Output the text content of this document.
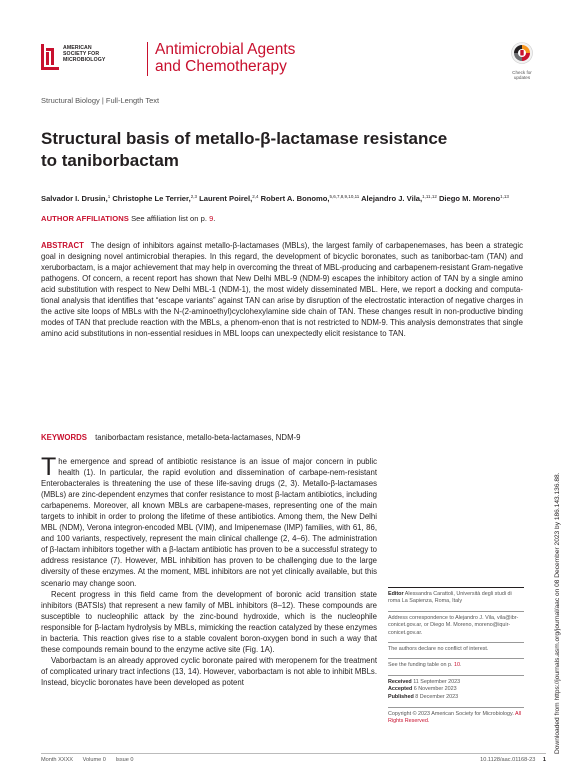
AMERICAN
SOCIETY FOR
MICROBIOLOGY
Antimicrobial Agents
and Chemotherapy	Check for
updates
Structural Biology | Full-Length Text
Structural basis of metallo-β-lactamase resistance
to taniborbactam
Salvador I. Drusin,$^1$ Christophe Le Terrier,$^{2,3}$ Laurent Poirel,$^{2,4}$ Robert A. Bonomo,$^{5,6,7,8,9,10,11}$ Alejandro J. Vila,$^{1,11,12}$ Diego M. Moreno$^{1,13}$
AUTHOR AFFILIATIONS See affiliation list on p. 9.
ABSTRACT The design of inhibitors against metallo-β-lactamases (MBLs), the largest family of carbapenemases, has been a strategic goal in designing novel antimicrobial therapies. In this regard, the development of bicyclic boronates, such as taniborbac-tam (TAN) and xeruborbactam, is a major achievement that may help in overcoming the threat of MBL-producing and carbapenem-resistant Gram-negative pathogens. Of concern, a recent report has shown that New Delhi MBL-9 (NDM-9) escapes the inhibitory action of TAN by a single amino acid substitution with respect to New Delhi MBL-1 (NDM-1), the most widely disseminated MBL. Here, we report a docking and computa-tional analysis that identifies that “escape variants” against TAN can arise by disruption of the electrostatic interaction of negative charges in the active site loops of MBLs with the N-(2-aminoethyl)cyclohexylamine side chain of TAN. These changes result in non-productive binding modes of TAN that preclude reaction with the MBLs, a phenom-enon that is not restricted to NDM-9. This analysis demonstrates that single amino acid substitutions in non-essential residues in MBL loops can unexpectedly elicit resistance to TAN.
KEYWORDS taniborbactam resistance, metallo-beta-lactamases, NDM-9

The emergence and spread of antibiotic resistance is an issue of major concern in public health (1). In particular, the rapid evolution and dissemination of carbape-nem-resistant Enterobacterales is threatening the use of these life-saving drugs (2, 3). Metallo-β-lactamases (MBLs) are zinc-dependent enzymes that confer resistance to most β-lactam antibiotics, including carbapenems. Moreover, all known MBLs are carbapene-mases, representing one of the main targets to inhibit in order to prolong the lifetime of these antibiotics. Among them, the New Delhi MBL (NDM), Verona integron-encoded MBL (VIM), and Imipenemase (IMP) families, with 61, 86, and 100 variants, respectively, represent the main clinical challenge (2, 4–6). The administration of β-lactam inhibitors together with a β-lactam antibiotic has proven to be a successful strategy to address resistance (7). However, MBL inhibition has proven to be challenging due to the large diversity of these enzymes. At the moment, MBL inhibitors are not yet clinically available, but this scenario may change soon.

Recent progress in this field came from the development of boronic acid transition state inhibitors (BATSIs) that represent a new family of MBL inhibitors (8–12). These compounds are susceptible to nucleophilic attack by the zinc-bound hydroxide, which is the nucleophile responsible for β-lactam hydrolysis by MBLs, mimicking the reaction catalyzed by these enzymes in bacteria. This reaction gives rise to a stable covalent boron-oxygen bond in such a way that these compounds remain bound to the enzyme active site (Fig. 1A).

Vaborbactam is an already approved cyclic boronate paired with meropenem for the treatment of complicated urinary tract infections (13, 14). However, vaborbactam is not able to inhibit MBLs. Instead, bicyclic boronates have been developed as potent

Editor Alessandra Carattoli, Università degli studi di roma La Sapienza, Roma, Italy
Address correspondence to Alejandro J. Vila, vila@ibr-conicet.gov.ar, or Diego M. Moreno, moreno@iquir-conicet.gov.ar.
The authors declare no conflict of interest.
See the funding table on p. 10.
Received 11 September 2023
Accepted 6 November 2023
Published 8 December 2023
Copyright © 2023 American Society for Microbiology. All Rights Reserved.	Downloaded from https://journals.asm.org/journal/aac on 08 December 2023 by 186.143.136.88.
Month XXXX Volume 0 Issue 0	10.1128/aac.01168-23 1
